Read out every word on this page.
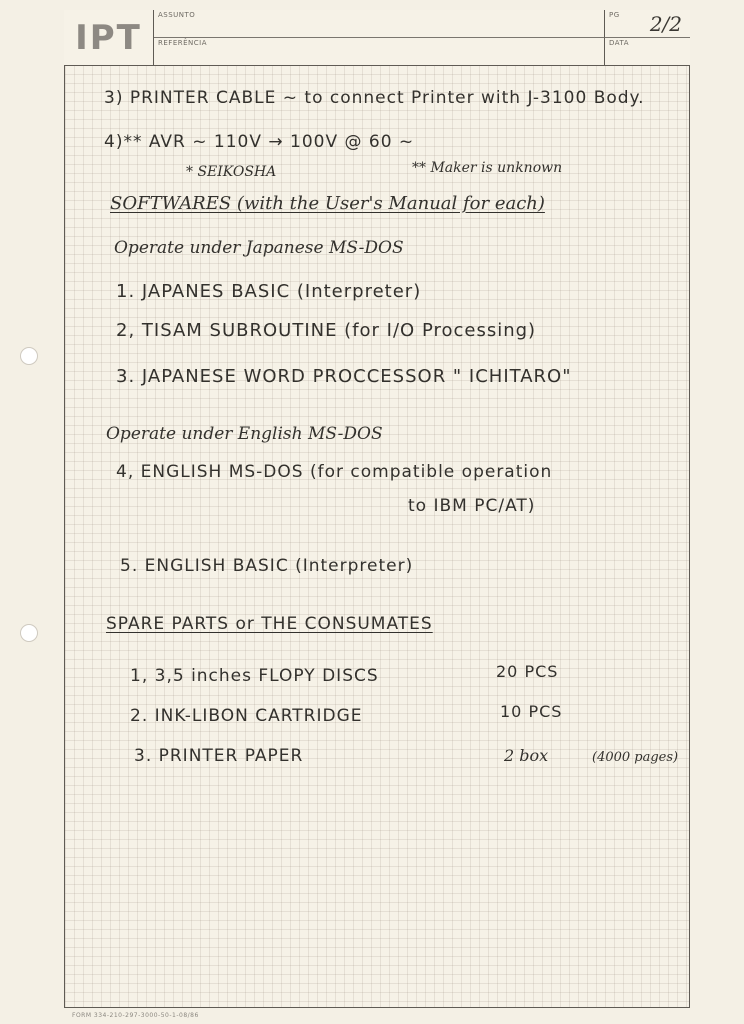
IPT
ASSUNTO
REFERÊNCIA
PG 2/2
DATA
3) PRINTER CABLE ~ to connect Printer with J-3100 Body.
4)** AVR ~ 110V → 100V @ 60 ~
* SEIKOSHA	** Maker is unknown
SOFTWARES (with the User's Manual for each)
Operate under Japanese MS-DOS
1. JAPANES BASIC (Interpreter)
2, TISAM SUBROUTINE (for I/O Processing)
3. JAPANESE WORD PROCCESSOR " ICHITARO"
Operate under English MS-DOS
4, ENGLISH MS-DOS (for compatible operation
to IBM PC/AT)
5. ENGLISH BASIC (Interpreter)
SPARE PARTS or THE CONSUMATES
1, 3,5 inches FLOPY DISCS	20 PCS
2. INK-LIBON CARTRIDGE	10 PCS
3. PRINTER PAPER	2 box	(4000 pages)
FORM 334-210-297-3000-50-1-08/86
